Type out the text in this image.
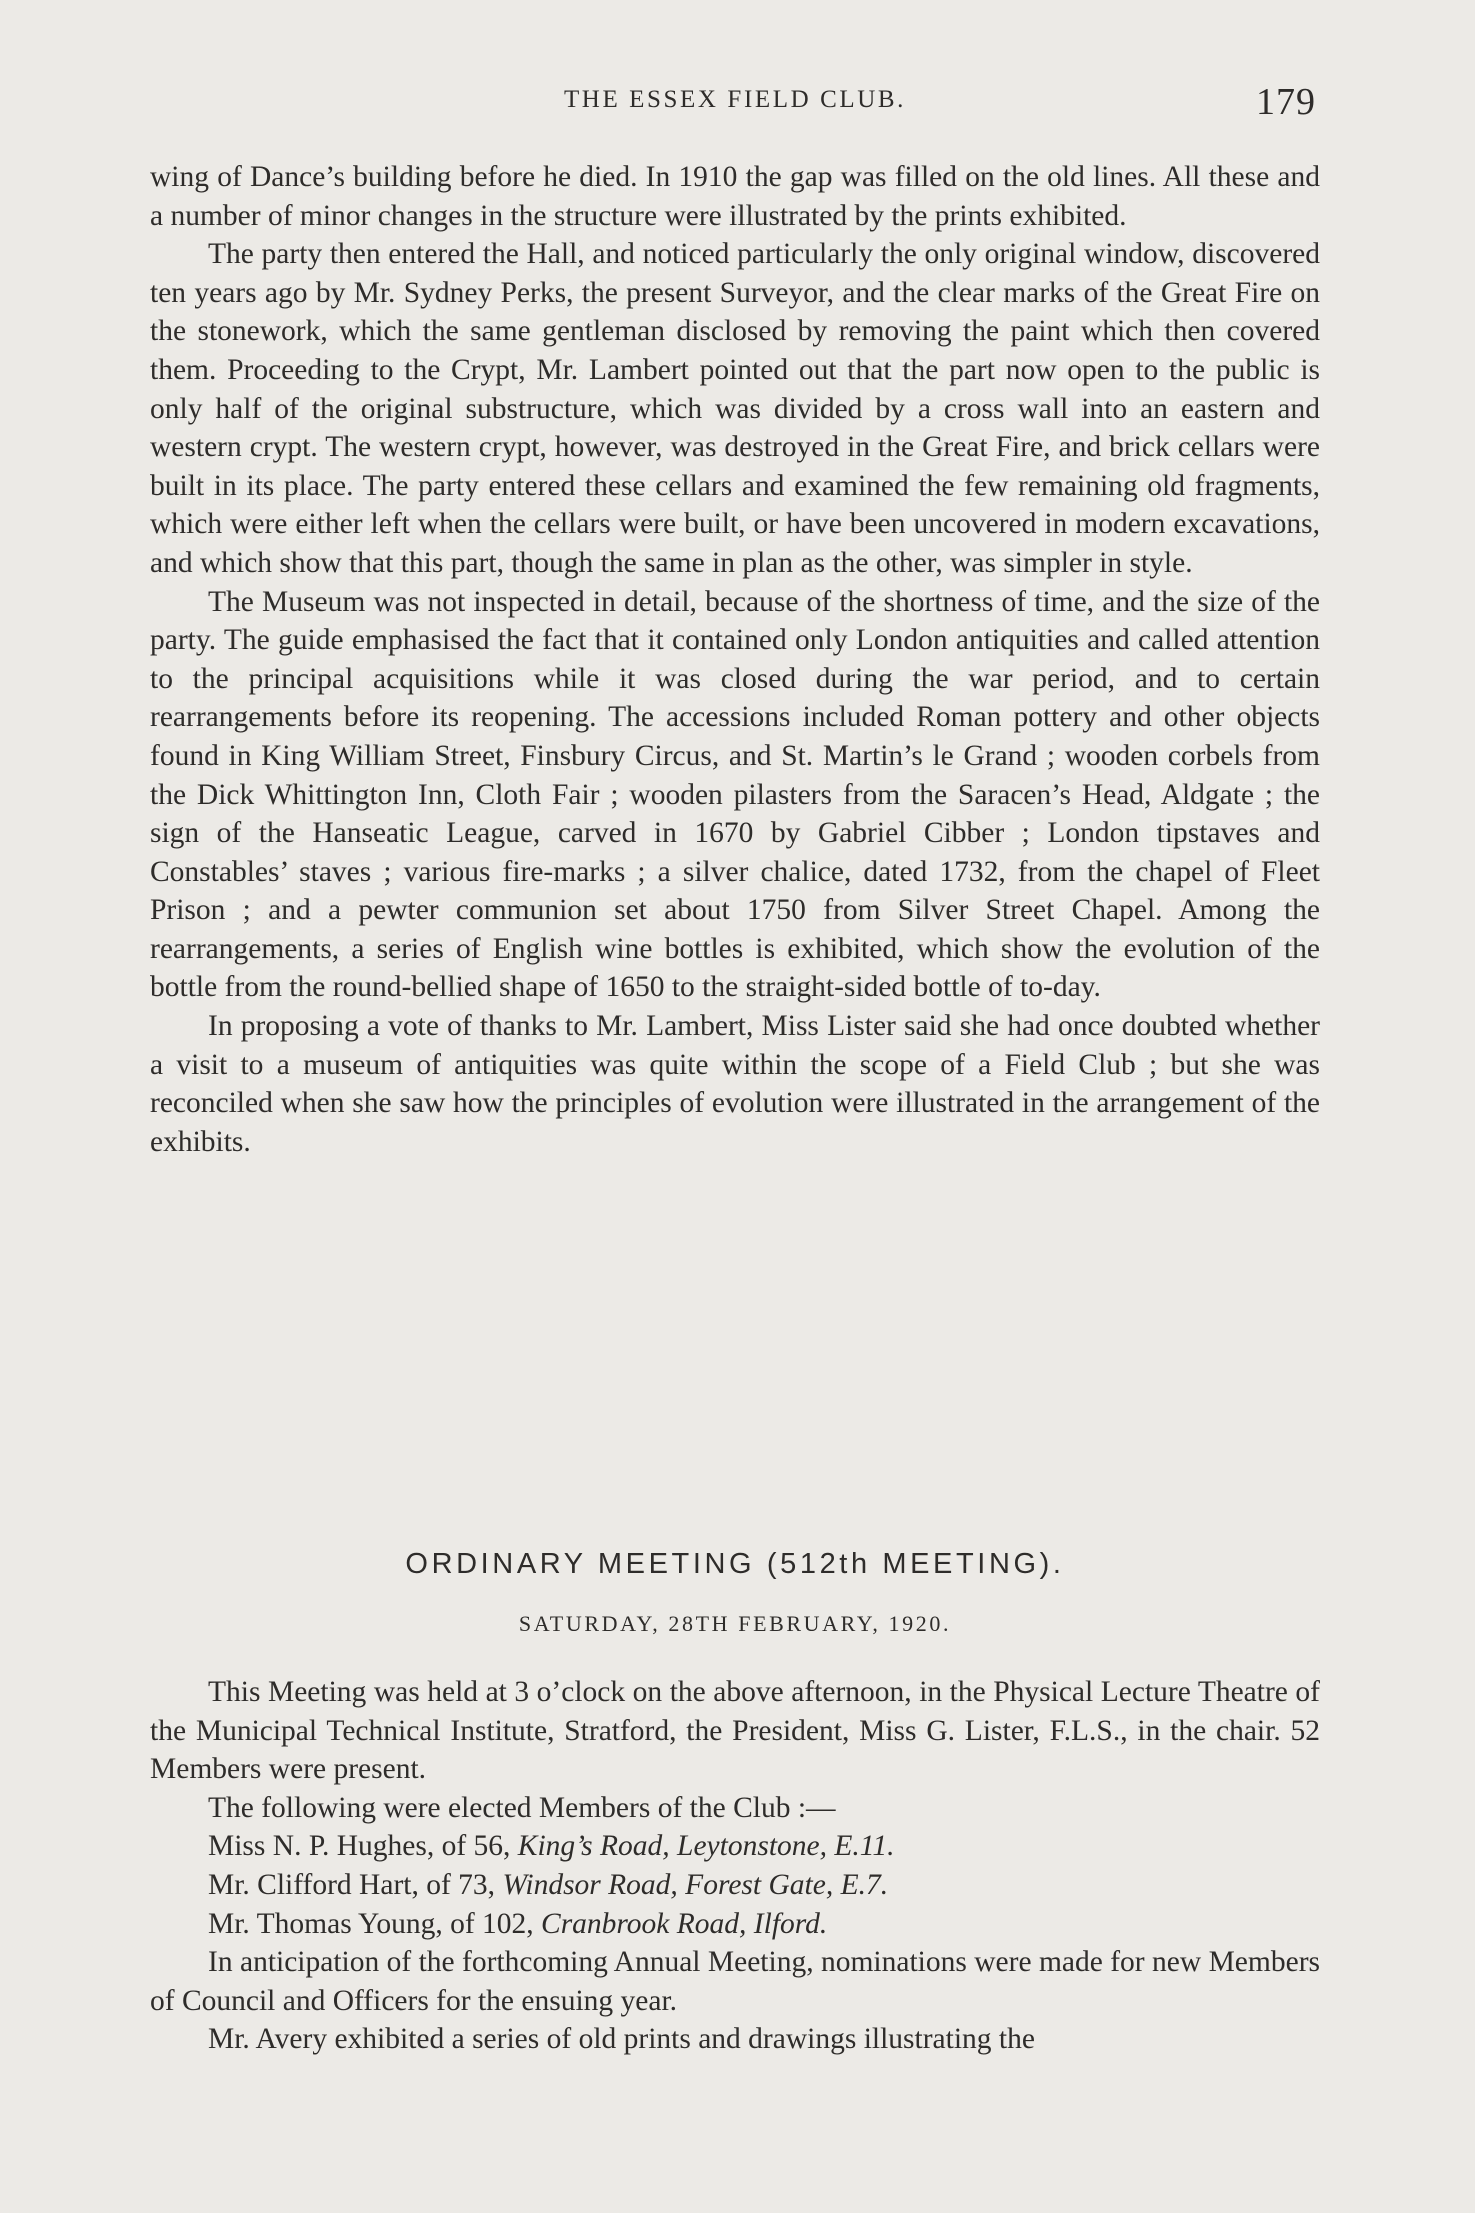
THE ESSEX FIELD CLUB.	179

wing of Dance’s building before he died. In 1910 the gap was filled on the old lines. All these and a number of minor changes in the structure were illustrated by the prints exhibited.

The party then entered the Hall, and noticed particularly the only original window, discovered ten years ago by Mr. Sydney Perks, the present Surveyor, and the clear marks of the Great Fire on the stonework, which the same gentleman disclosed by removing the paint which then covered them. Proceeding to the Crypt, Mr. Lambert pointed out that the part now open to the public is only half of the original substructure, which was divided by a cross wall into an eastern and western crypt. The western crypt, however, was destroyed in the Great Fire, and brick cellars were built in its place. The party entered these cellars and examined the few remaining old fragments, which were either left when the cellars were built, or have been uncovered in modern excavations, and which show that this part, though the same in plan as the other, was simpler in style.

The Museum was not inspected in detail, because of the shortness of time, and the size of the party. The guide emphasised the fact that it contained only London antiquities and called attention to the principal acquisitions while it was closed during the war period, and to certain rearrangements before its reopening. The accessions included Roman pottery and other objects found in King William Street, Finsbury Circus, and St. Martin’s le Grand ; wooden corbels from the Dick Whittington Inn, Cloth Fair ; wooden pilasters from the Saracen’s Head, Aldgate ; the sign of the Hanseatic League, carved in 1670 by Gabriel Cibber ; London tipstaves and Constables’ staves ; various fire-marks ; a silver chalice, dated 1732, from the chapel of Fleet Prison ; and a pewter communion set about 1750 from Silver Street Chapel. Among the rearrangements, a series of English wine bottles is exhibited, which show the evolution of the bottle from the round-bellied shape of 1650 to the straight-sided bottle of to-day.

In proposing a vote of thanks to Mr. Lambert, Miss Lister said she had once doubted whether a visit to a museum of antiquities was quite within the scope of a Field Club ; but she was reconciled when she saw how the principles of evolution were illustrated in the arrangement of the exhibits.

ORDINARY MEETING (512th MEETING).
SATURDAY, 28TH FEBRUARY, 1920.

This Meeting was held at 3 o’clock on the above afternoon, in the Physical Lecture Theatre of the Municipal Technical Institute, Stratford, the President, Miss G. Lister, F.L.S., in the chair. 52 Members were present.

The following were elected Members of the Club :—

Miss N. P. Hughes, of 56, King’s Road, Leytonstone, E.11.
Mr. Clifford Hart, of 73, Windsor Road, Forest Gate, E.7.
Mr. Thomas Young, of 102, Cranbrook Road, Ilford.

In anticipation of the forthcoming Annual Meeting, nominations were made for new Members of Council and Officers for the ensuing year.

Mr. Avery exhibited a series of old prints and drawings illustrating the
